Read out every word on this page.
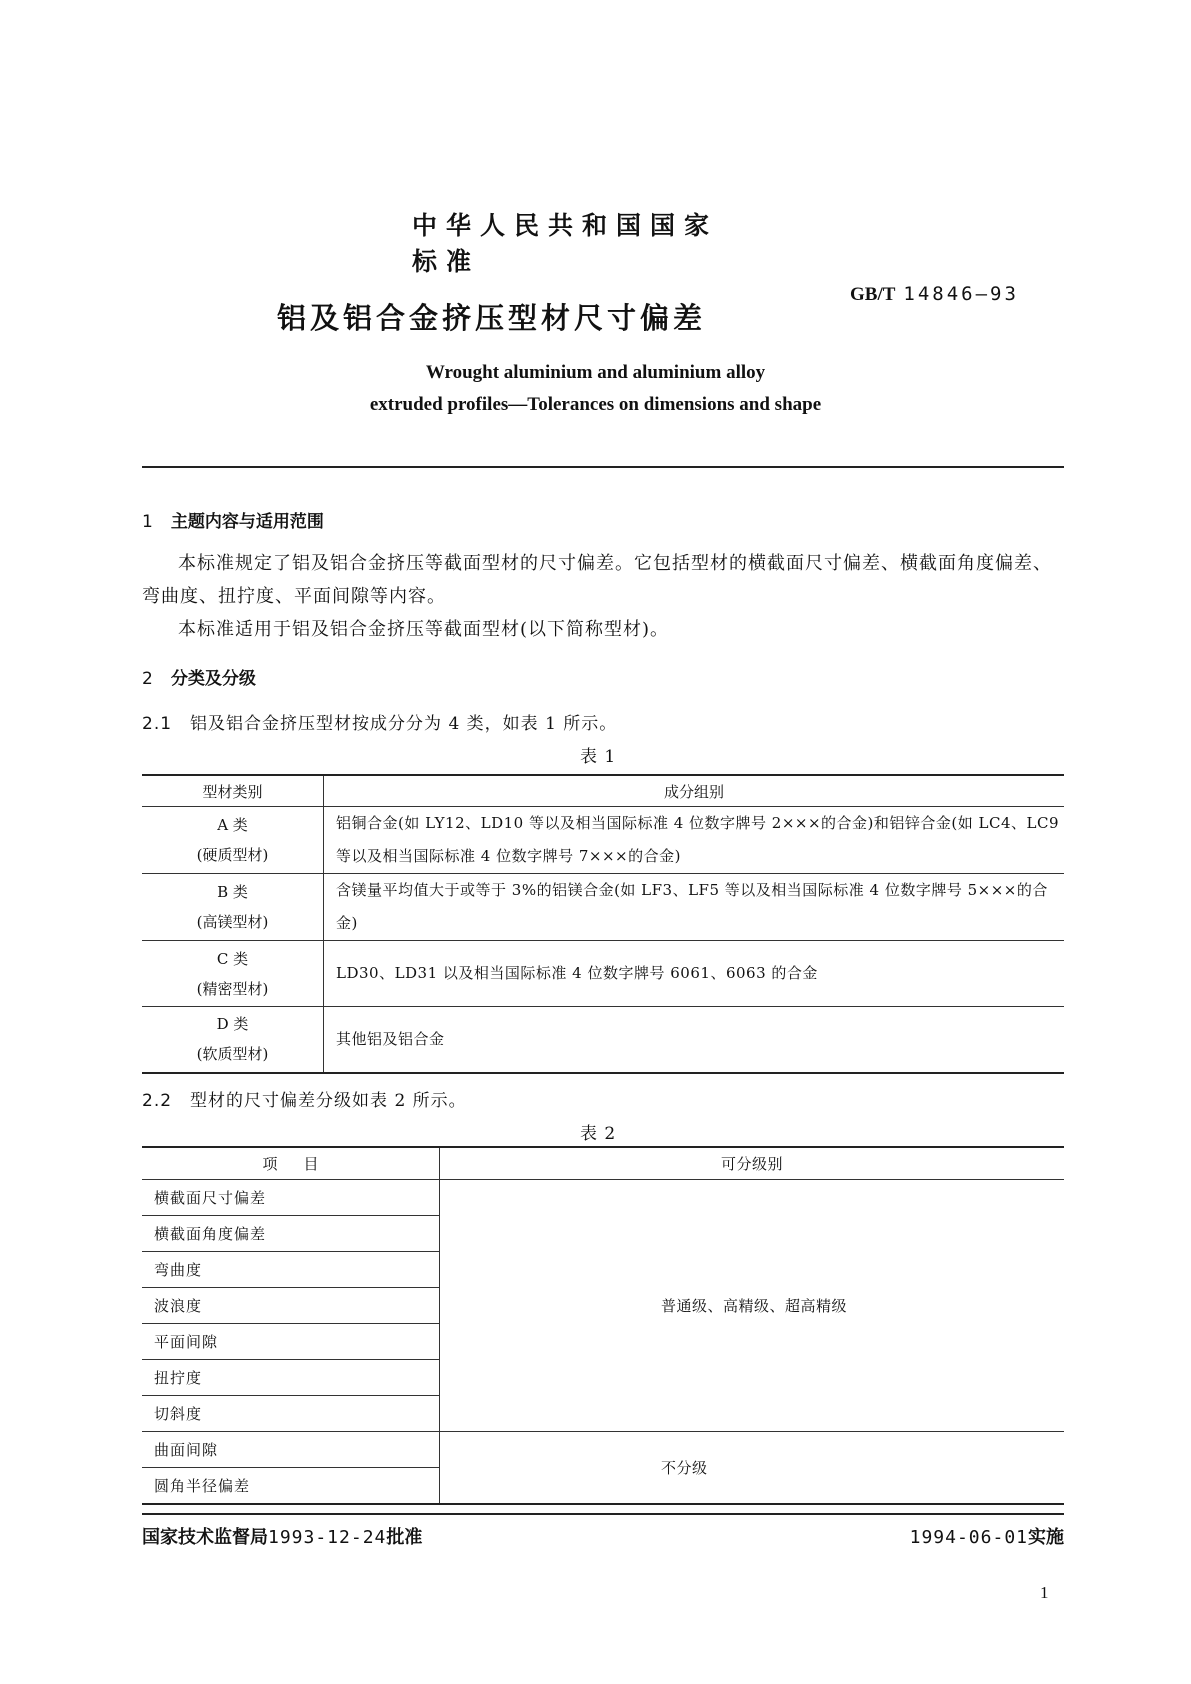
中华人民共和国国家标准
铝及铝合金挤压型材尺寸偏差
GB/T 14846—93
Wrought aluminium and aluminium alloy
extruded profiles—Tolerances on dimensions and shape
1 主题内容与适用范围

本标准规定了铝及铝合金挤压等截面型材的尺寸偏差。它包括型材的横截面尺寸偏差、横截面角度偏差、弯曲度、扭拧度、平面间隙等内容。

本标准适用于铝及铝合金挤压等截面型材(以下简称型材)。

2 分类及分级
2.1 铝及铝合金挤压型材按成分分为 4 类，如表 1 所示。
表 1
型材类别	成分组别

A 类
(硬质型材)	铝铜合金(如 LY12、LD10 等以及相当国际标准 4 位数字牌号 2×××的合金)和铝锌合金(如 LC4、LC9 等以及相当国际标准 4 位数字牌号 7×××的合金)

B 类
(高镁型材)	含镁量平均值大于或等于 3%的铝镁合金(如 LF3、LF5 等以及相当国际标准 4 位数字牌号 5×××的合金)

C 类
(精密型材)	LD30、LD31 以及相当国际标准 4 位数字牌号 6061、6063 的合金

D 类
(软质型材)	其他铝及铝合金
2.2 型材的尺寸偏差分级如表 2 所示。
表 2
项目	可分级别
横截面尺寸偏差	普通级、高精级、超高精级
横截面角度偏差	
弯曲度	
波浪度	
平面间隙	
扭拧度	
切斜度	
曲面间隙	不分级
圆角半径偏差	
国家技术监督局1993-12-24批准	1994-06-01实施
1
